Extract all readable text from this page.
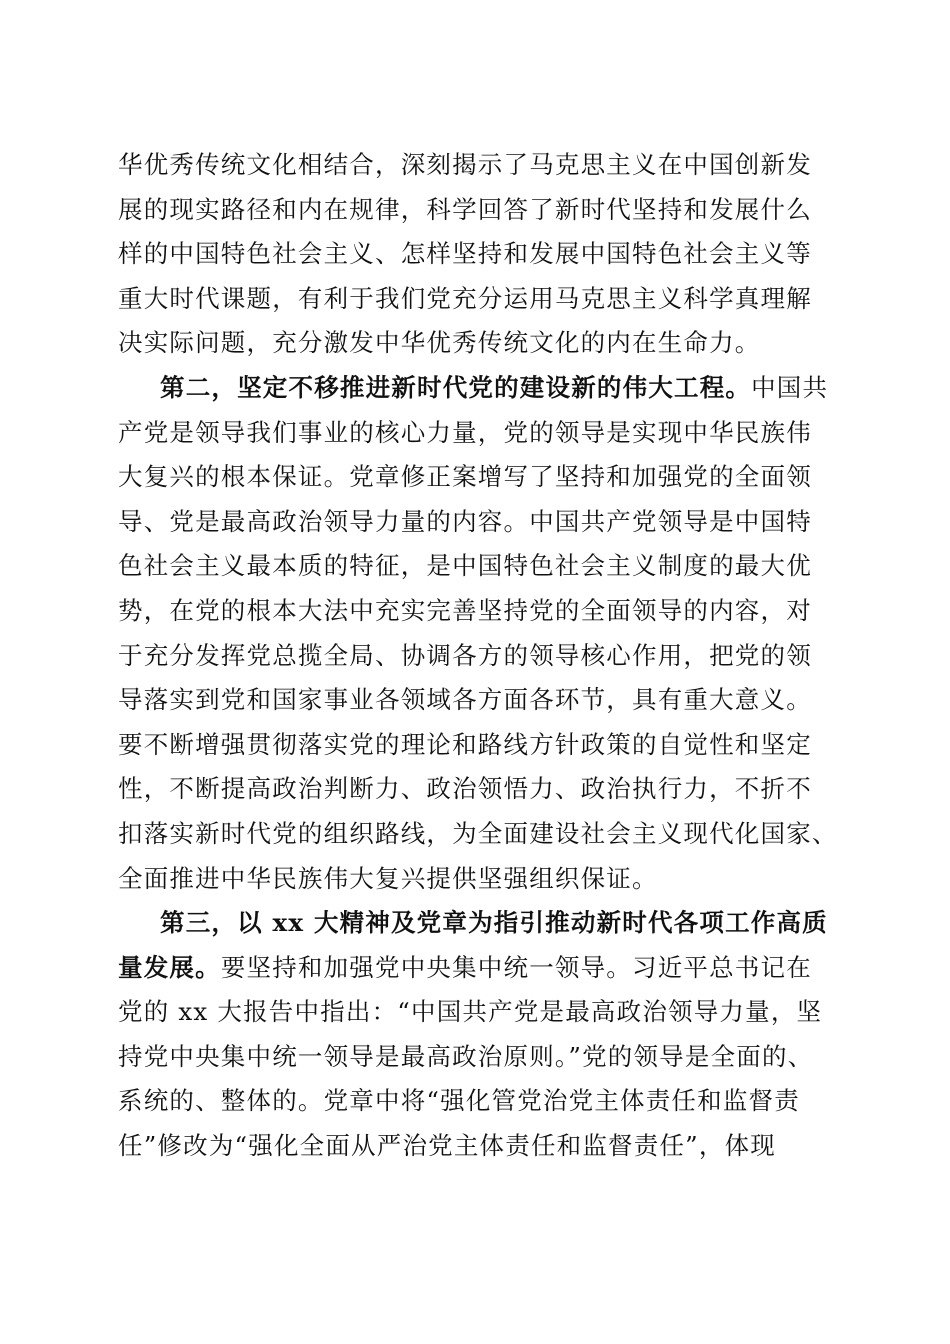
华优秀传统文化相结合，深刻揭示了马克思主义在中国创新发
展的现实路径和内在规律，科学回答了新时代坚持和发展什么
样的中国特色社会主义、怎样坚持和发展中国特色社会主义等
重大时代课题，有利于我们党充分运用马克思主义科学真理解
决实际问题，充分激发中华优秀传统文化的内在生命力。
第二，坚定不移推进新时代党的建设新的伟大工程。中国共
产党是领导我们事业的核心力量，党的领导是实现中华民族伟
大复兴的根本保证。党章修正案增写了坚持和加强党的全面领
导、党是最高政治领导力量的内容。中国共产党领导是中国特
色社会主义最本质的特征，是中国特色社会主义制度的最大优
势，在党的根本大法中充实完善坚持党的全面领导的内容，对
于充分发挥党总揽全局、协调各方的领导核心作用，把党的领
导落实到党和国家事业各领域各方面各环节，具有重大意义。
要不断增强贯彻落实党的理论和路线方针政策的自觉性和坚定
性，不断提高政治判断力、政治领悟力、政治执行力，不折不
扣落实新时代党的组织路线，为全面建设社会主义现代化国家、
全面推进中华民族伟大复兴提供坚强组织保证。
第三，以 xx 大精神及党章为指引推动新时代各项工作高质
量发展。要坚持和加强党中央集中统一领导。习近平总书记在
党的 xx 大报告中指出：“中国共产党是最高政治领导力量，坚
持党中央集中统一领导是最高政治原则。”党的领导是全面的、
系统的、整体的。党章中将“强化管党治党主体责任和监督责
任”修改为“强化全面从严治党主体责任和监督责任”，体现
